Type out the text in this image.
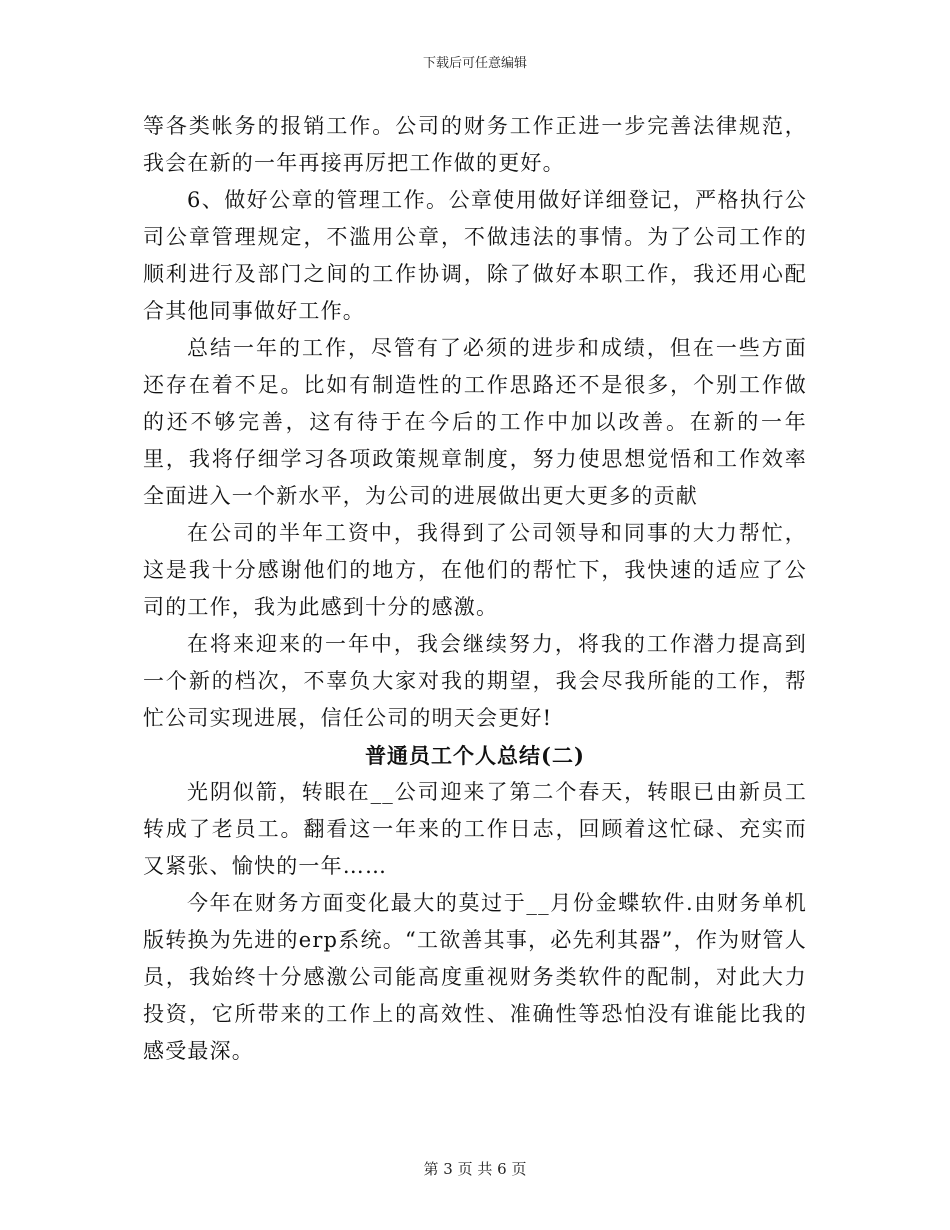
下载后可任意编辑

等各类帐务的报销工作。公司的财务工作正进一步完善法律规范，我会在新的一年再接再厉把工作做的更好。

6、做好公章的管理工作。公章使用做好详细登记，严格执行公司公章管理规定，不滥用公章，不做违法的事情。为了公司工作的顺利进行及部门之间的工作协调，除了做好本职工作，我还用心配合其他同事做好工作。

总结一年的工作，尽管有了必须的进步和成绩，但在一些方面还存在着不足。比如有制造性的工作思路还不是很多，个别工作做的还不够完善，这有待于在今后的工作中加以改善。在新的一年里，我将仔细学习各项政策规章制度，努力使思想觉悟和工作效率全面进入一个新水平，为公司的进展做出更大更多的贡献

在公司的半年工资中，我得到了公司领导和同事的大力帮忙，这是我十分感谢他们的地方，在他们的帮忙下，我快速的适应了公司的工作，我为此感到十分的感激。

在将来迎来的一年中，我会继续努力，将我的工作潜力提高到一个新的档次，不辜负大家对我的期望，我会尽我所能的工作，帮忙公司实现进展，信任公司的明天会更好!

普通员工个人总结(二)

光阴似箭，转眼在__公司迎来了第二个春天，转眼已由新员工转成了老员工。翻看这一年来的工作日志，回顾着这忙碌、充实而又紧张、愉快的一年……

今年在财务方面变化最大的莫过于__月份金蝶软件.由财务单机版转换为先进的erp系统。“工欲善其事，必先利其器”，作为财管人员，我始终十分感激公司能高度重视财务类软件的配制，对此大力投资，它所带来的工作上的高效性、准确性等恐怕没有谁能比我的感受最深。

第 3 页 共 6 页
